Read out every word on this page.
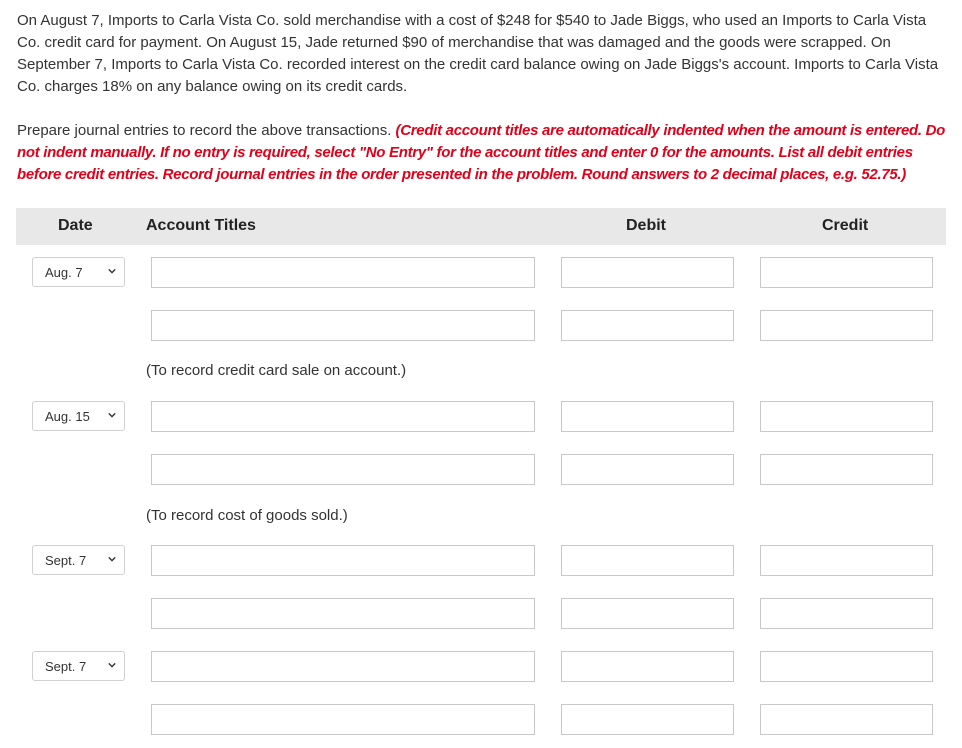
On August 7, Imports to Carla Vista Co. sold merchandise with a cost of $248 for $540 to Jade Biggs, who used an Imports to Carla Vista Co. credit card for payment. On August 15, Jade returned $90 of merchandise that was damaged and the goods were scrapped. On September 7, Imports to Carla Vista Co. recorded interest on the credit card balance owing on Jade Biggs's account. Imports to Carla Vista Co. charges 18% on any balance owing on its credit cards.
Prepare journal entries to record the above transactions. (Credit account titles are automatically indented when the amount is entered. Do not indent manually. If no entry is required, select "No Entry" for the account titles and enter 0 for the amounts. List all debit entries before credit entries. Record journal entries in the order presented in the problem. Round answers to 2 decimal places, e.g. 52.75.)
Date	Account Titles	Debit	Credit
Aug. 7
(To record credit card sale on account.)
Aug. 15
(To record cost of goods sold.)
Sept. 7
Sept. 7
